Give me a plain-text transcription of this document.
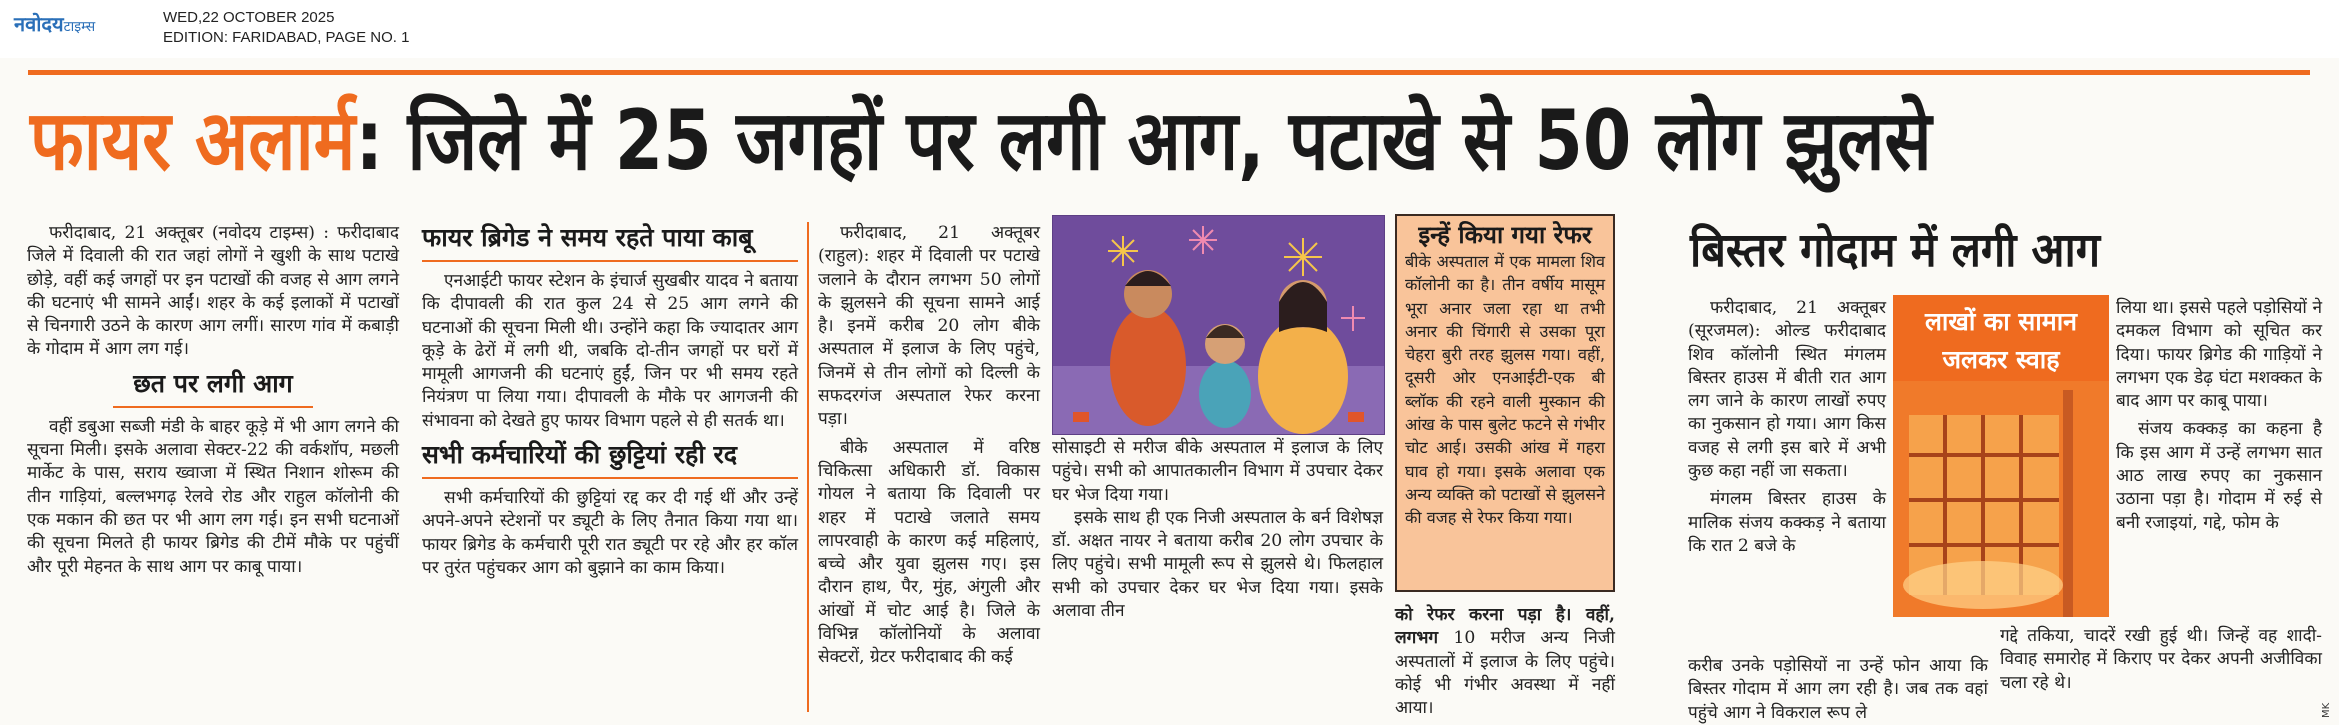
नवोदयटाइम्स
WED,22 OCTOBER 2025
EDITION: FARIDABAD, PAGE NO. 1
फायर अलार्म: जिले में 25 जगहों पर लगी आग, पटाखे से 50 लोग झुलसे

फरीदाबाद, 21 अक्तूबर (नवोदय टाइम्स) : फरीदाबाद जिले में दिवाली की रात जहां लोगों ने खुशी के साथ पटाखे छोड़े, वहीं कई जगहों पर इन पटाखों की वजह से आग लगने की घटनाएं भी सामने आईं। शहर के कई इलाकों में पटाखों से चिनगारी उठने के कारण आग लगीं। सारण गांव में कबाड़ी के गोदाम में आग लग गई।

छत पर लगी आग

वहीं डबुआ सब्जी मंडी के बाहर कूड़े में भी आग लगने की सूचना मिली। इसके अलावा सेक्टर-22 की वर्कशॉप, मछली मार्केट के पास, सराय ख्वाजा में स्थित निशान शोरूम की तीन गाड़ियां, बल्लभगढ़ रेलवे रोड और राहुल कॉलोनी की एक मकान की छत पर भी आग लग गई। इन सभी घटनाओं की सूचना मिलते ही फायर ब्रिगेड की टीमें मौके पर पहुंचीं और पूरी मेहनत के साथ आग पर काबू पाया।

फायर ब्रिगेड ने समय रहते पाया काबू

एनआईटी फायर स्टेशन के इंचार्ज सुखबीर यादव ने बताया कि दीपावली की रात कुल 24 से 25 आग लगने की घटनाओं की सूचना मिली थी। उन्होंने कहा कि ज्यादातर आग कूड़े के ढेरों में लगी थी, जबकि दो-तीन जगहों पर घरों में मामूली आगजनी की घटनाएं हुईं, जिन पर भी समय रहते नियंत्रण पा लिया गया। दीपावली के मौके पर आगजनी की संभावना को देखते हुए फायर विभाग पहले से ही सतर्क था।

सभी कर्मचारियों की छुट्टियां रही रद

सभी कर्मचारियों की छुट्टियां रद्द कर दी गई थीं और उन्हें अपने-अपने स्टेशनों पर ड्यूटी के लिए तैनात किया गया था। फायर ब्रिगेड के कर्मचारी पूरी रात ड्यूटी पर रहे और हर कॉल पर तुरंत पहुंचकर आग को बुझाने का काम किया।

फरीदाबाद, 21 अक्तूबर (राहुल): शहर में दिवाली पर पटाखे जलाने के दौरान लगभग 50 लोगों के झुलसने की सूचना सामने आई है। इनमें करीब 20 लोग बीके अस्पताल में इलाज के लिए पहुंचे, जिनमें से तीन लोगों को दिल्ली के सफदरगंज अस्पताल रेफर करना पड़ा।

बीके अस्पताल में वरिष्ठ चिकित्सा अधिकारी डॉ. विकास गोयल ने बताया कि दिवाली पर शहर में पटाखे जलाते समय लापरवाही के कारण कई महिलाएं, बच्चे और युवा झुलस गए। इस दौरान हाथ, पैर, मुंह, अंगुली और आंखों में चोट आई है। जिले के विभिन्न कॉलोनियों के अलावा सेक्टरों, ग्रेटर फरीदाबाद की कई

सोसाइटी से मरीज बीके अस्पताल में इलाज के लिए पहुंचे। सभी को आपातकालीन विभाग में उपचार देकर घर भेज दिया गया।

इसके साथ ही एक निजी अस्पताल के बर्न विशेषज्ञ डॉ. अक्षत नायर ने बताया करीब 20 लोग उपचार के लिए पहुंचे। सभी मामूली रूप से झुलसे थे। फिलहाल सभी को उपचार देकर घर भेज दिया गया। इसके अलावा तीन

इन्हें किया गया रेफर
बीके अस्पताल में एक मामला शिव कॉलोनी का है। तीन वर्षीय मासूम भूरा अनार जला रहा था तभी अनार की चिंगारी से उसका पूरा चेहरा बुरी तरह झुलस गया। वहीं, दूसरी ओर एनआईटी-एक बी ब्लॉक की रहने वाली मुस्कान की आंख के पास बुलेट फटने से गंभीर चोट आई। उसकी आंख में गहरा घाव हो गया। इसके अलावा एक अन्य व्यक्ति को पटाखों से झुलसने की वजह से रेफर किया गया।

को रेफर करना पड़ा है। वहीं, लगभग 10 मरीज अन्य निजी अस्पतालों में इलाज के लिए पहुंचे। कोई भी गंभीर अवस्था में नहीं आया।

बिस्तर गोदाम में लगी आग

फरीदाबाद, 21 अक्तूबर (सूरजमल): ओल्ड फरीदाबाद शिव कॉलोनी स्थित मंगलम बिस्तर हाउस में बीती रात आग लग जाने के कारण लाखों रुपए का नुकसान हो गया। आग किस वजह से लगी इस बारे में अभी कुछ कहा नहीं जा सकता।

मंगलम बिस्तर हाउस के मालिक संजय कक्कड़ ने बताया कि रात 2 बजे के

लाखों का सामान जलकर स्वाह

लिया था। इससे पहले पड़ोसियों ने दमकल विभाग को सूचित कर दिया। फायर ब्रिगेड की गाड़ियों ने लगभग एक डेढ़ घंटा मशक्कत के बाद आग पर काबू पाया।

संजय कक्कड़ का कहना है कि इस आग में उन्हें लगभग सात आठ लाख रुपए का नुकसान उठाना पड़ा है। गोदाम में रुई से बनी रजाइयां, गद्दे, फोम के

करीब उनके पड़ोसियों ना उन्हें फोन आया कि बिस्तर गोदाम में आग लग रही है। जब तक वहां पहुंचे आग ने विकराल रूप ले

गद्दे तकिया, चादरें रखी हुई थी। जिन्हें वह शादी- विवाह समारोह में किराए पर देकर अपनी अजीविका चला रहे थे।

MK
